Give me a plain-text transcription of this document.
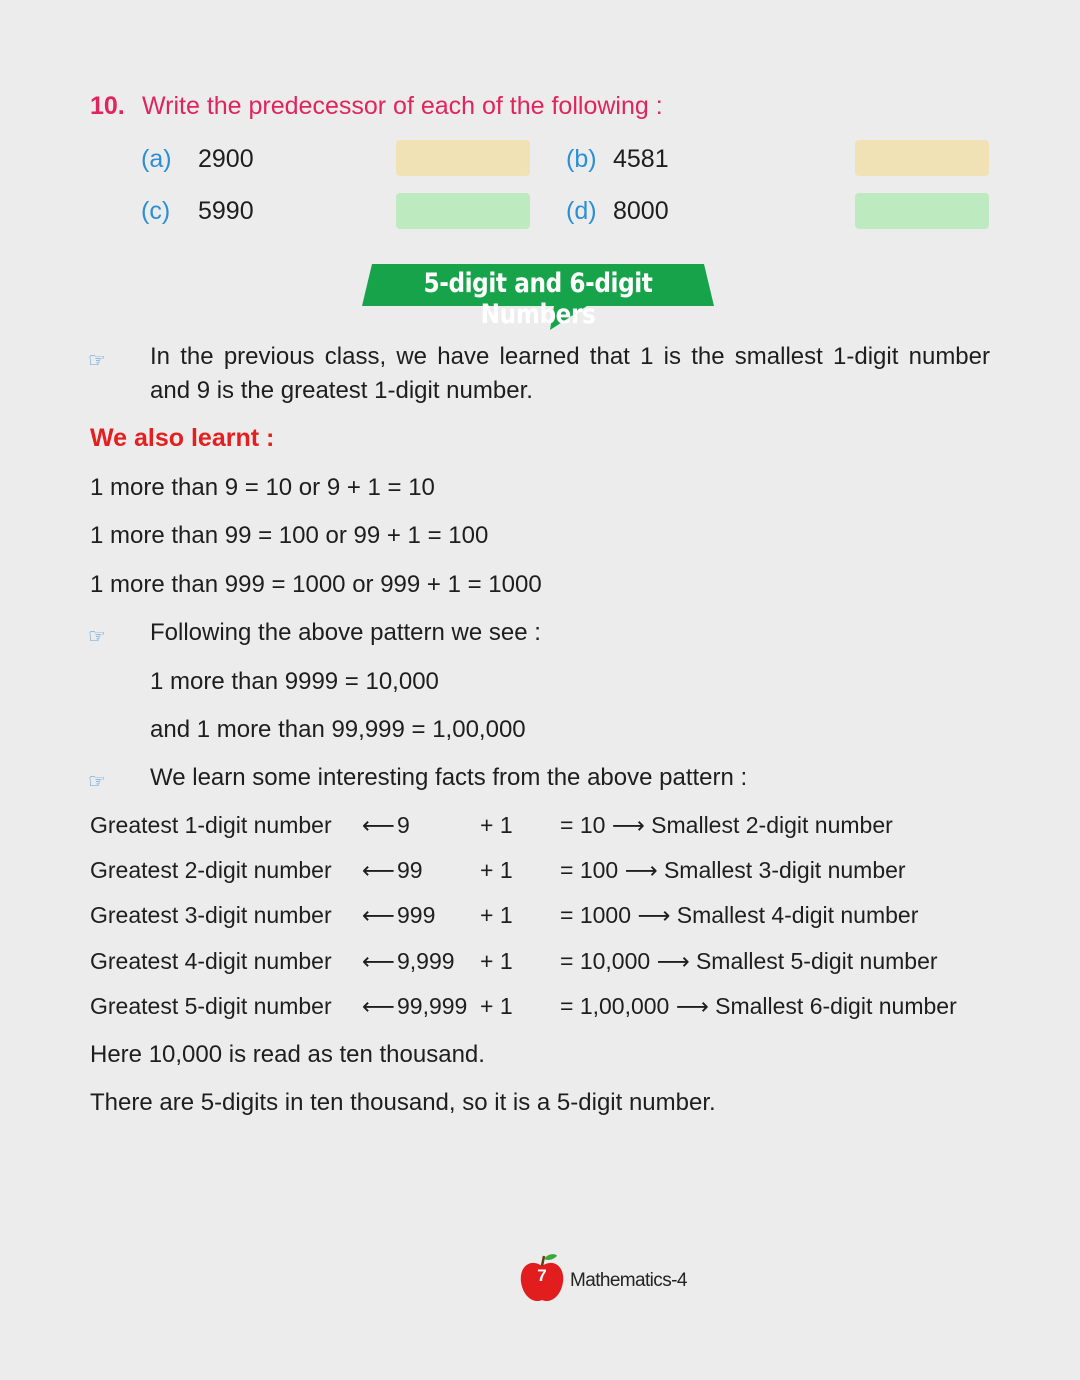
10. Write the predecessor of each of the following :
(a) 2900	(b) 4581
(c) 5990	(d) 8000
5-digit and 6-digit Numbers
☞ In the previous class, we have learned that 1 is the smallest 1-digit number and 9 is the greatest 1-digit number.
We also learnt :
1 more than 9 = 10 or 9 + 1 = 10
1 more than 99 = 100 or 99 + 1 = 100
1 more than 999 = 1000 or 999 + 1 = 1000
☞ Following the above pattern we see :
1 more than 9999 = 10,000
and 1 more than 99,999 = 1,00,000
☞ We learn some interesting facts from the above pattern :
Greatest 1-digit number ⟵ 9	+ 1 = 10 ⟶ Smallest 2-digit number
Greatest 2-digit number ⟵ 99 + 1 = 100 ⟶ Smallest 3-digit number
Greatest 3-digit number ⟵ 999 + 1 = 1000 ⟶ Smallest 4-digit number
Greatest 4-digit number ⟵ 9,999 + 1 = 10,000 ⟶ Smallest 5-digit number
Greatest 5-digit number ⟵ 99,999 + 1 = 1,00,000 ⟶ Smallest 6-digit number
Here 10,000 is read as ten thousand.
There are 5-digits in ten thousand, so it is a 5-digit number.
7	Mathematics-4
